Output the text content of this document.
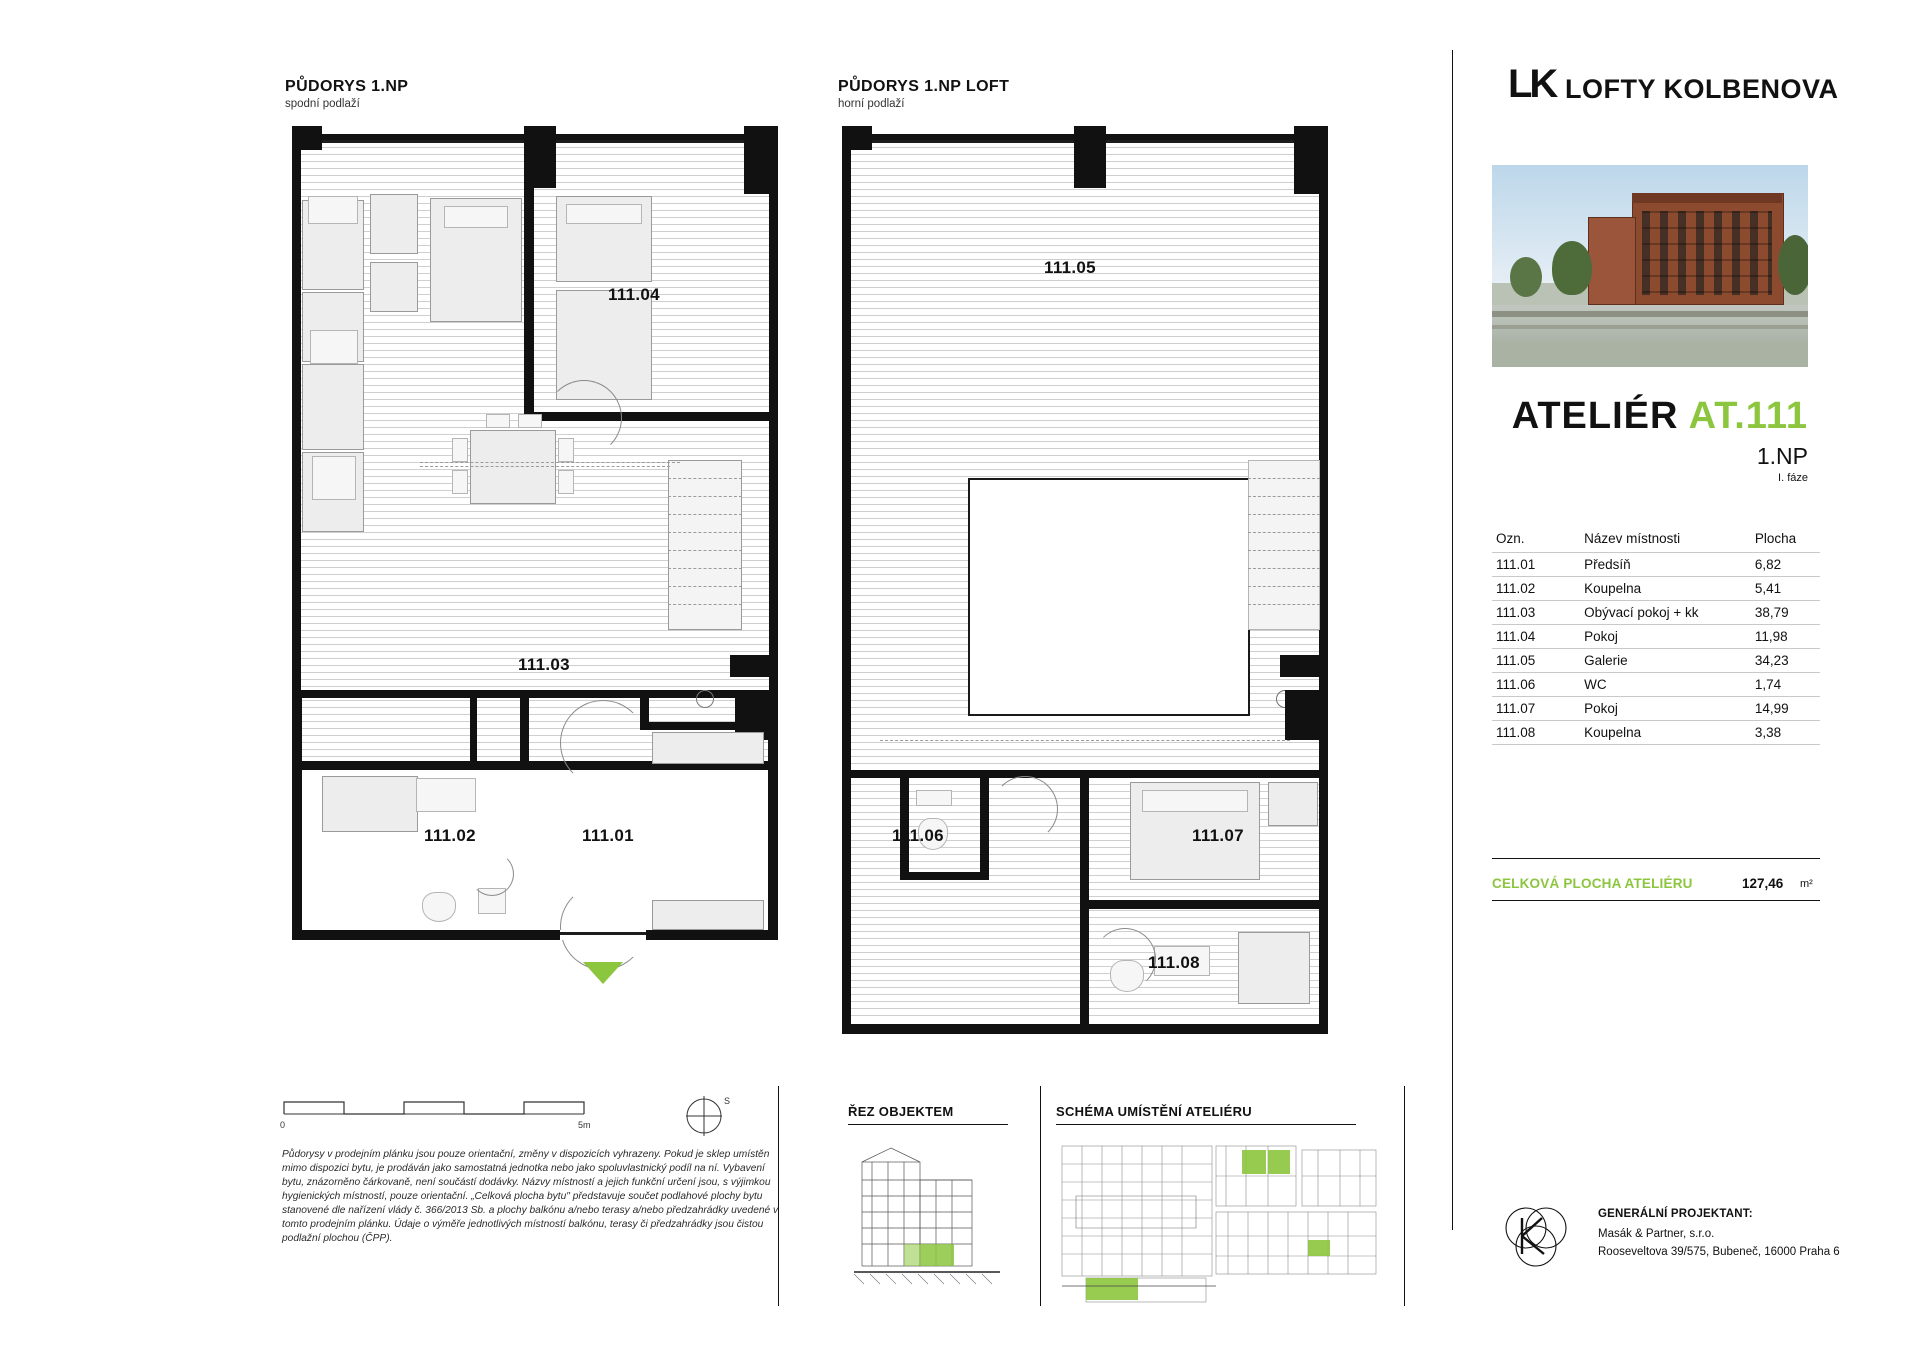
PŮDORYS 1.NP
spodní podlaží
111.04
111.03
111.02	111.01
PŮDORYS 1.NP LOFT
horní podlaží
111.05
111.06	111.07
111.08
LK LOFTY KOLBENOVA
ATELIÉR AT.111
1.NP
I. fáze
Ozn.	Název místnosti	Plocha
111.01	Předsíň	6,82
111.02	Koupelna	5,41
111.03	Obývací pokoj + kk	38,79
111.04	Pokoj	11,98
111.05	Galerie	34,23
111.06	WC	1,74
111.07	Pokoj	14,99
111.08	Koupelna	3,38
CELKOVÁ PLOCHA ATELIÉRU	127,46 m²
GENERÁLNÍ PROJEKTANT:
Masák & Partner, s.r.o.
Rooseveltova 39/575, Bubeneč, 16000 Praha 6
0	5m
S
Půdorysy v prodejním plánku jsou pouze orientační, změny v dispozicích vyhrazeny. Pokud je sklep umístěn mimo dispozici bytu, je prodáván jako samostatná jednotka nebo jako spoluvlastnický podíl na ní. Vybavení bytu, znázorněno čárkovaně, není součástí dodávky. Názvy místností a jejich funkční určení jsou, s výjimkou hygienických místností, pouze orientační. „Celková plocha bytu" představuje součet podlahové plochy bytu stanovené dle nařízení vlády č. 366/2013 Sb. a plochy balkónu a/nebo terasy a/nebo předzahrádky uvedené v tomto prodejním plánku. Údaje o výměře jednotlivých místností balkónu, terasy či předzahrádky jsou čistou podlažní plochou (ČPP).
ŘEZ OBJEKTEM	SCHÉMA UMÍSTĚNÍ ATELIÉRU
